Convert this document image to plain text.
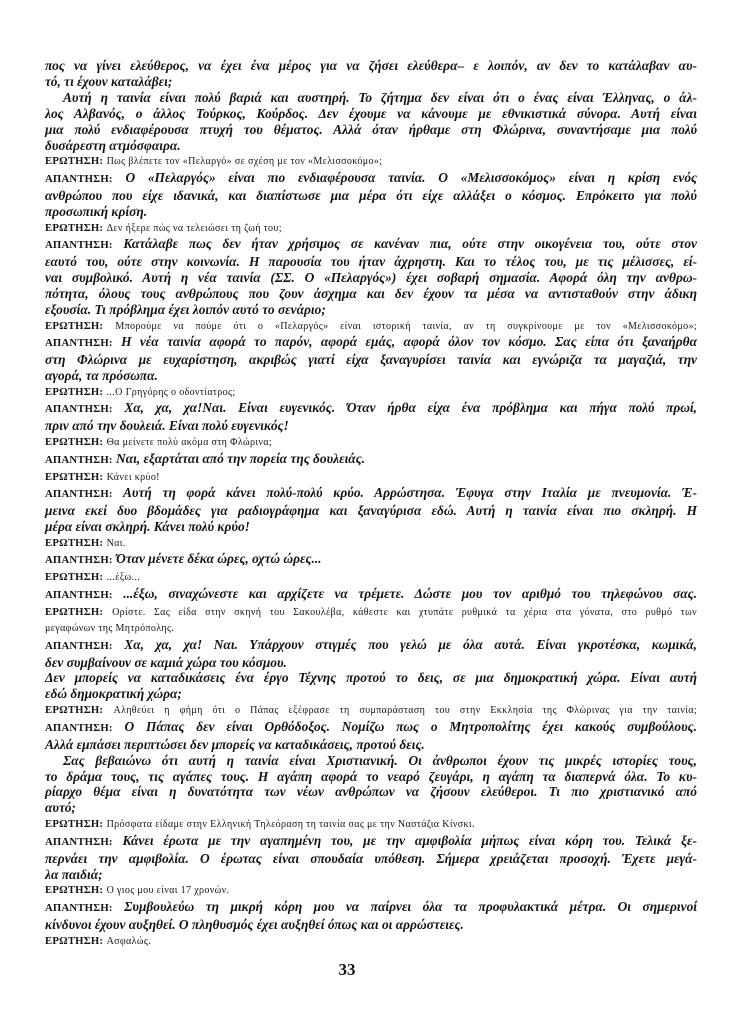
πος να γίνει ελεύθερος, να έχει ένα μέρος για να ζήσει ελεύθερα– ε λοιπόν, αν δεν το κατάλαβαν αυ-
τό, τι έχουν καταλάβει;
Αυτή η ταινία είναι πολύ βαριά και αυστηρή. Το ζήτημα δεν είναι ότι ο ένας είναι Έλληνας, ο άλ-
λος Αλβανός, ο άλλος Τούρκος, Κούρδος. Δεν έχουμε να κάνουμε με εθνικιστικά σύνορα. Αυτή είναι
μια πολύ ενδιαφέρουσα πτυχή του θέματος. Αλλά όταν ήρθαμε στη Φλώρινα, συναντήσαμε μια πολύ
δυσάρεστη ατμόσφαιρα.
ΕΡΩΤΗΣΗ: Πως βλέπετε τον «Πελαργό» σε σχέση με τον «Μελισσοκόμο»;
ΑΠΑΝΤΗΣΗ: Ο «Πελαργός» είναι πιο ενδιαφέρουσα ταινία. Ο «Μελισσοκόμος» είναι η κρίση ενός
ανθρώπου που είχε ιδανικά, και διαπίστωσε μια μέρα ότι είχε αλλάξει ο κόσμος. Επρόκειτο για πολύ
προσωπική κρίση.
ΕΡΩΤΗΣΗ: Δεν ήξερε πώς να τελειώσει τη ζωή του;
ΑΠΑΝΤΗΣΗ: Κατάλαβε πως δεν ήταν χρήσιμος σε κανέναν πια, ούτε στην οικογένεια του, ούτε στον
εαυτό του, ούτε στην κοινωνία. Η παρουσία του ήταν άχρηστη. Και το τέλος του, με τις μέλισσες, εί-
ναι συμβολικό. Αυτή η νέα ταινία (ΣΣ. Ο «Πελαργός») έχει σοβαρή σημασία. Αφορά όλη την ανθρω-
πότητα, όλους τους ανθρώπους που ζουν άσχημα και δεν έχουν τα μέσα να αντισταθούν στην άδικη
εξουσία. Τι πρόβλημα έχει λοιπόν αυτό το σενάριο;
ΕΡΩΤΗΣΗ: Μπορούμε να πούμε ότι ο «Πελαργός» είναι ιστορική ταινία, αν τη συγκρίνουμε με τον «Μελισσοκόμο»;
ΑΠΑΝΤΗΣΗ: Η νέα ταινία αφορά το παρόν, αφορά εμάς, αφορά όλον τον κόσμο. Σας είπα ότι ξαναήρθα
στη Φλώρινα με ευχαρίστηση, ακριβώς γιατί είχα ξαναγυρίσει ταινία και εγνώριζα τα μαγαζιά, την
αγορά, τα πρόσωπα.
ΕΡΩΤΗΣΗ: ...Ο Γρηγόρης ο οδοντίατρος;
ΑΠΑΝΤΗΣΗ: Χα, χα, χα!Ναι. Είναι ευγενικός. Όταν ήρθα είχα ένα πρόβλημα και πήγα πολύ πρωί,
πριν από την δουλειά. Είναι πολύ ευγενικός!
ΕΡΩΤΗΣΗ: Θα μείνετε πολύ ακόμα στη Φλώρινα;
ΑΠΑΝΤΗΣΗ: Ναι, εξαρτάται από την πορεία της δουλειάς.
ΕΡΩΤΗΣΗ: Κάνει κρύο!
ΑΠΑΝΤΗΣΗ: Αυτή τη φορά κάνει πολύ-πολύ κρύο. Αρρώστησα. Έφυγα στην Ιταλία με πνευμονία. Έ-
μεινα εκεί δυο βδομάδες για ραδιογράφημα και ξαναγύρισα εδώ. Αυτή η ταινία είναι πιο σκληρή. Η
μέρα είναι σκληρή. Κάνει πολύ κρύο!
ΕΡΩΤΗΣΗ: Ναι.
ΑΠΑΝΤΗΣΗ: Όταν μένετε δέκα ώρες, οχτώ ώρες...
ΕΡΩΤΗΣΗ: ...έξω...
ΑΠΑΝΤΗΣΗ: ...έξω, σιναχώνεστε και αρχίζετε να τρέμετε. Δώστε μου τον αριθμό του τηλεφώνου σας.
ΕΡΩΤΗΣΗ: Ορίστε. Σας είδα στην σκηνή του Σακουλέβα, κάθεστε και χτυπάτε ρυθμικά τα χέρια στα γόνατα, στο ρυθμό των
μεγαφώνων της Μητρόπολης.
ΑΠΑΝΤΗΣΗ: Χα, χα, χα! Ναι. Υπάρχουν στιγμές που γελώ με όλα αυτά. Είναι γκροτέσκα, κωμικά,
δεν συμβαίνουν σε καμιά χώρα του κόσμου.
Δεν μπορείς να καταδικάσεις ένα έργο Τέχνης προτού το δεις, σε μια δημοκρατική χώρα. Είναι αυτή
εδώ δημοκρατική χώρα;
ΕΡΩΤΗΣΗ: Αληθεύει η φήμη ότι ο Πάπας εξέφρασε τη συμπαράσταση του στην Εκκλησία της Φλώρινας για την ταινία;
ΑΠΑΝΤΗΣΗ: Ο Πάπας δεν είναι Ορθόδοξος. Νομίζω πως ο Μητροπολίτης έχει κακούς συμβούλους.
Αλλά εμπάσει περιπτώσει δεν μπορείς να καταδικάσεις, προτού δεις.
Σας βεβαιώνω ότι αυτή η ταινία είναι Χριστιανική. Οι άνθρωποι έχουν τις μικρές ιστορίες τους,
το δράμα τους, τις αγάπες τους. Η αγάπη αφορά το νεαρό ζευγάρι, η αγάπη τα διαπερνά όλα. Το κυ-
ρίαρχο θέμα είναι η δυνατότητα των νέων ανθρώπων να ζήσουν ελεύθεροι. Τι πιο χριστιανικό από
αυτό;
ΕΡΩΤΗΣΗ: Πρόσφατα είδαμε στην Ελληνική Τηλεόραση τη ταινία σας με την Ναστάζια Κίνσκι.
ΑΠΑΝΤΗΣΗ: Κάνει έρωτα με την αγαπημένη του, με την αμφιβολία μήπως είναι κόρη του. Τελικά ξε-
περνάει την αμφιβολία. Ο έρωτας είναι σπουδαία υπόθεση. Σήμερα χρειάζεται προσοχή. Έχετε μεγά-
λα παιδιά;
ΕΡΩΤΗΣΗ: Ο γιος μου είναι 17 χρονών.
ΑΠΑΝΤΗΣΗ: Συμβουλεύω τη μικρή κόρη μου να παίρνει όλα τα προφυλακτικά μέτρα. Οι σημερινοί
κίνδυνοι έχουν αυξηθεί. Ο πληθυσμός έχει αυξηθεί όπως και οι αρρώστειες.
ΕΡΩΤΗΣΗ: Ασφαλώς.
33
